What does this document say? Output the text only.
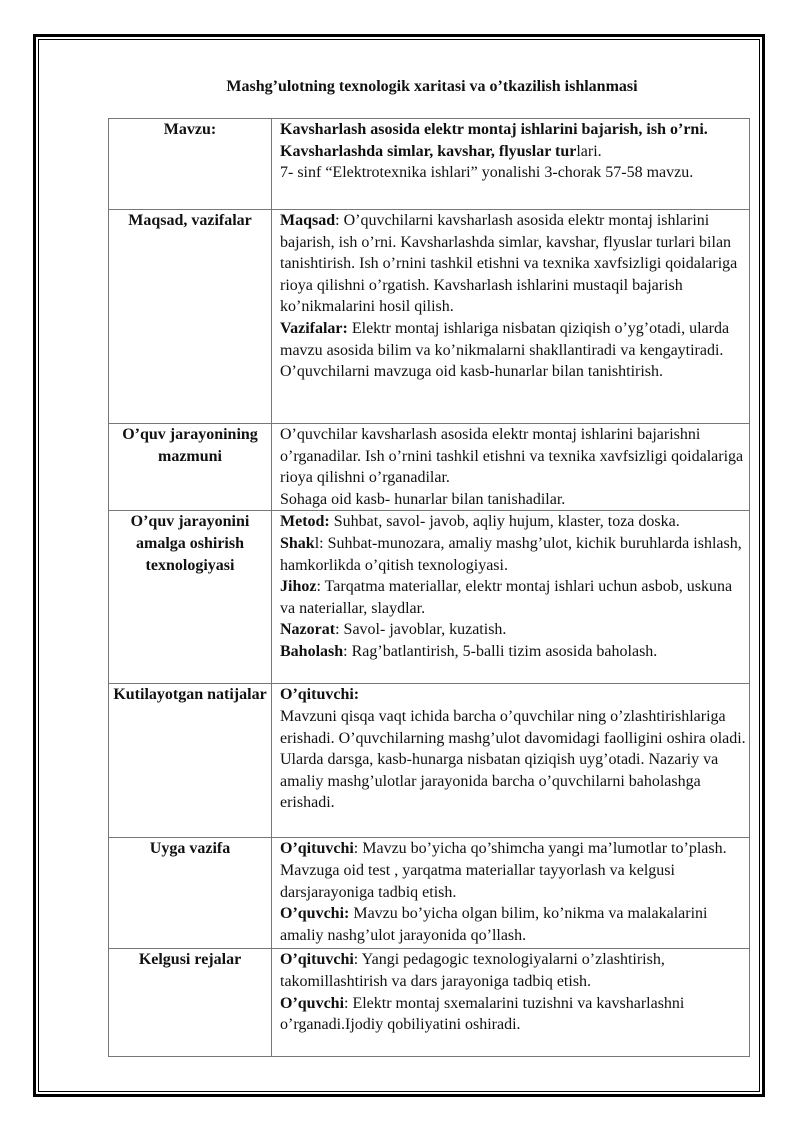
Mashg’ulotning texnologik xaritasi va o’tkazilish ishlanmasi
Mavzu:	Kavsharlash asosida elektr montaj ishlarini bajarish, ish o’rni. Kavsharlashda simlar, kavshar, flyuslar turlari.
7- sinf “Elektrotexnika ishlari” yonalishi 3-chorak 57-58 mavzu.

Maqsad, vazifalar	Maqsad: O’quvchilarni kavsharlash asosida elektr montaj ishlarini bajarish, ish o’rni. Kavsharlashda simlar, kavshar, flyuslar turlari bilan tanishtirish. Ish o’rnini tashkil etishni va texnika xavfsizligi qoidalariga rioya qilishni o’rgatish. Kavsharlash ishlarini mustaqil bajarish ko’nikmalarini hosil qilish.
Vazifalar: Elektr montaj ishlariga nisbatan qiziqish o’yg’otadi, ularda mavzu asosida bilim va ko’nikmalarni shakllantiradi va kengaytiradi.
O’quvchilarni mavzuga oid kasb-hunarlar bilan tanishtirish.

O’quv jarayonining mazmuni	O’quvchilar kavsharlash asosida elektr montaj ishlarini bajarishni o’rganadilar. Ish o’rnini tashkil etishni va texnika xavfsizligi qoidalariga rioya qilishni o’rganadilar.
Sohaga oid kasb- hunarlar bilan tanishadilar.

O’quv jarayonini amalga oshirish texnologiyasi	Metod: Suhbat, savol- javob, aqliy hujum, klaster, toza doska.
Shakl: Suhbat-munozara, amaliy mashg’ulot, kichik buruhlarda ishlash, hamkorlikda o’qitish texnologiyasi.
Jihoz: Tarqatma materiallar, elektr montaj ishlari uchun asbob, uskuna va nateriallar, slaydlar.
Nazorat: Savol- javoblar, kuzatish.
Baholash: Rag’batlantirish, 5-balli tizim asosida baholash.

Kutilayotgan natijalar	O’qituvchi:
Mavzuni qisqa vaqt ichida barcha o’quvchilar ning o’zlashtirishlariga erishadi. O’quvchilarning mashg’ulot davomidagi faolligini oshira oladi. Ularda darsga, kasb-hunarga nisbatan qiziqish uyg’otadi. Nazariy va amaliy mashg’ulotlar jarayonida barcha o’quvchilarni baholashga erishadi.

Uyga vazifa	O’qituvchi: Mavzu bo’yicha qo’shimcha yangi ma’lumotlar to’plash. Mavzuga oid test , yarqatma materiallar tayyorlash va kelgusi darsjarayoniga tadbiq etish.
O’quvchi: Mavzu bo’yicha olgan bilim, ko’nikma va malakalarini amaliy nashg’ulot jarayonida qo’llash.

Kelgusi rejalar	O’qituvchi: Yangi pedagogic texnologiyalarni o’zlashtirish, takomillashtirish va dars jarayoniga tadbiq etish.
O’quvchi: Elektr montaj sxemalarini tuzishni va kavsharlashni o’rganadi.Ijodiy qobiliyatini oshiradi.
